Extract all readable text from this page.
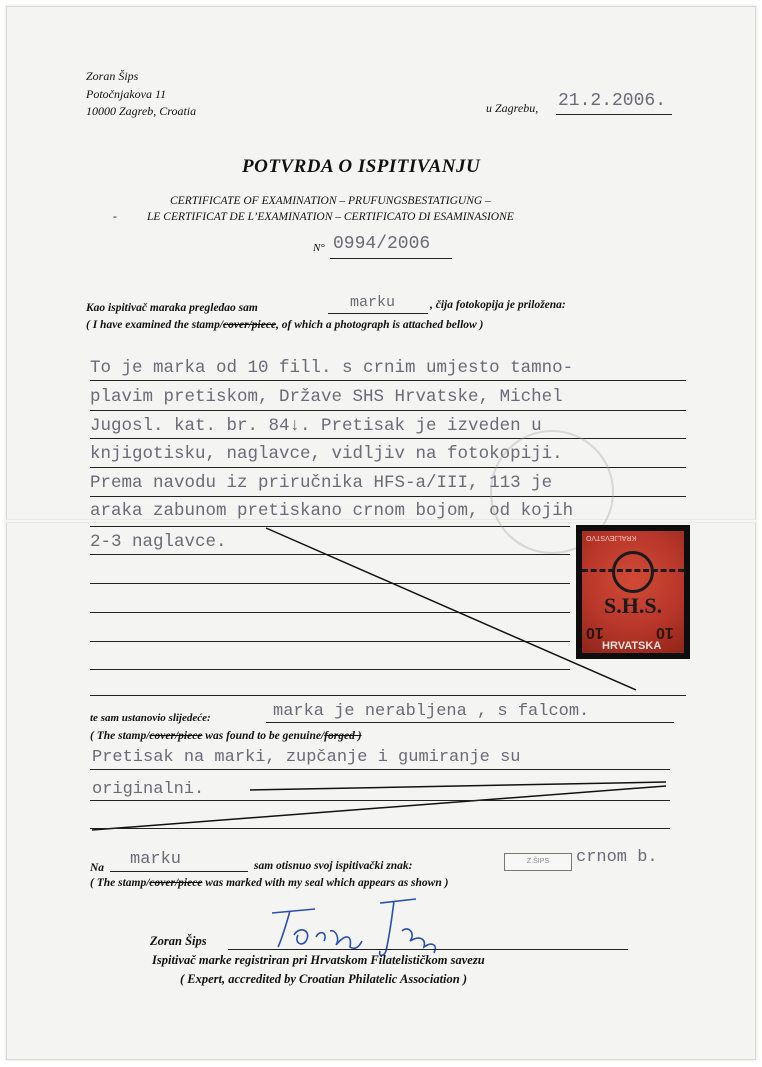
Zoran Šips
Potočnjakova 11
10000 Zagreb, Croatia	u Zagrebu, 21.2.2006.
POTVRDA O ISPITIVANJU
CERTIFICATE OF EXAMINATION – PRUFUNGSBESTATIGUNG –
- LE CERTIFICAT DE L’EXAMINATION – CERTIFICATO DI ESAMINASIONE
N° 0994/2006
Kao ispitivač maraka pregledao sam	marku	, čija fotokopija je priložena:
( I have examined the stamp/cover/piece, of which a photograph is attached bellow )
To je marka od 10 fill. s crnim umjesto tamno-
plavim pretiskom, Države SHS Hrvatske, Michel
Jugosl. kat. br. 84↓. Pretisak je izveden u
knjigotisku, naglavce, vidljiv na fotokopiji.
Prema navodu iz priručnika HFS-a/III, 113 je
araka zabunom pretiskano crnom bojom, od kojih
2-3 naglavce.	KRALJEVSTVO
S.H.S.
10	10
HRVATSKA
te sam ustanovio slijedeće:	marka je nerabljena , s falcom.
( The stamp/cover/piece was found to be genuine/forged )
Pretisak na marki, zupčanje i gumiranje su
originalni.
Na marku	sam otisnuo svoj ispitivački znak:	Z.ŠIPS	crnom b.
( The stamp/cover/piece was marked with my seal which appears as shown )
Zoran Šips
Ispitivač marke registriran pri Hrvatskom Filatelističkom savezu
( Expert, accredited by Croatian Philatelic Association )
